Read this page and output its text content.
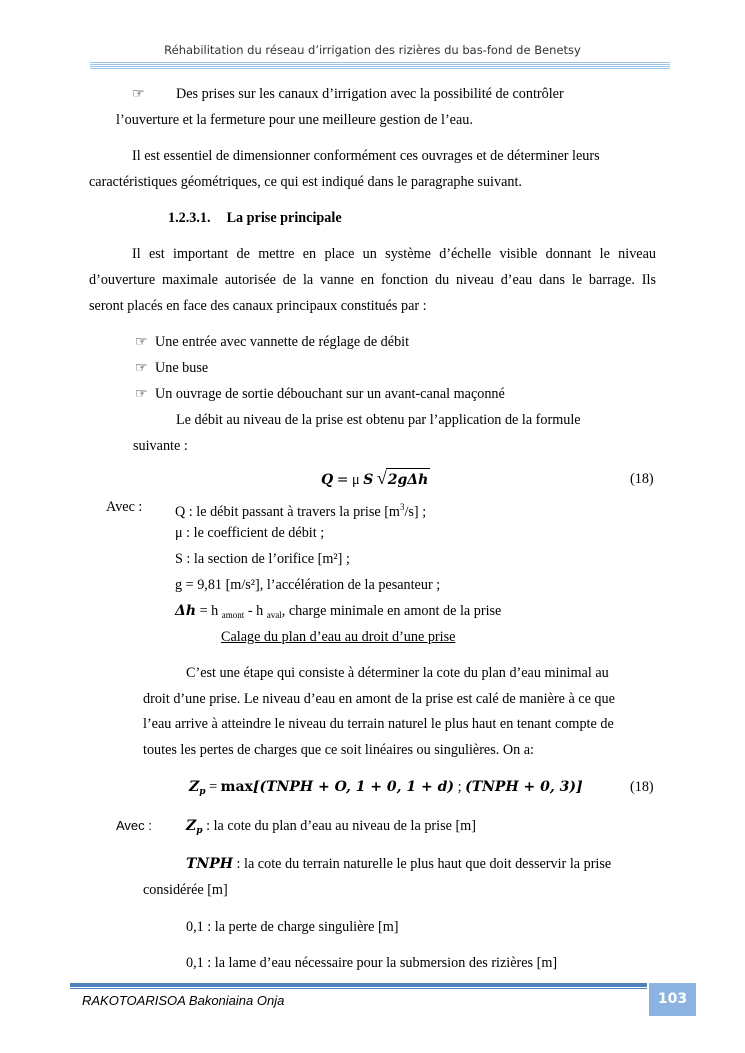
Réhabilitation du réseau d’irrigation des rizières du bas-fond de Benetsy
☞ Des prises sur les canaux d’irrigation avec la possibilité de contrôler
l’ouverture et la fermeture pour une meilleure gestion de l’eau.
Il est essentiel de dimensionner conformément ces ouvrages et de déterminer leurs
caractéristiques géométriques, ce qui est indiqué dans le paragraphe suivant.
1.2.3.1. La prise principale
Il est important de mettre en place un système d’échelle visible donnant le niveau
d’ouverture maximale autorisée de la vanne en fonction du niveau d’eau dans le barrage. Ils
seront placés en face des canaux principaux constitués par :
☞ Une entrée avec vannette de réglage de débit
☞ Une buse
☞ Un ouvrage de sortie débouchant sur un avant-canal maçonné
Le débit au niveau de la prise est obtenu par l’application de la formule
suivante :
Q = μ S √2gΔh	(18)
Avec : Q : le débit passant à travers la prise $[m^3/s]$ ;
μ : le coefficient de débit ;
S : la section de l’orifice [m²] ;
g = 9,81 [m/s²], l’accélération de la pesanteur ;
Δh = h $_{amont}$ - h $_{aval}$, charge minimale en amont de la prise
Calage du plan d’eau au droit d’une prise
C’est une étape qui consiste à déterminer la cote du plan d’eau minimal au
droit d’une prise. Le niveau d’eau en amont de la prise est calé de manière à ce que
l’eau arrive à atteindre le niveau du terrain naturel le plus haut en tenant compte de
toutes les pertes de charges que ce soit linéaires ou singulières. On a:
$Z_p$ = max[(TNPH + O, 1 + 0, 1 + d) ; (TNPH + 0, 3)]	(18)
Avec : $Z_p$ : la cote du plan d’eau au niveau de la prise [m]
TNPH : la cote du terrain naturelle le plus haut que doit desservir la prise
considérée [m]
0,1 : la perte de charge singulière [m]
0,1 : la lame d’eau nécessaire pour la submersion des rizières [m]
RAKOTOARISOA Bakoniaina Onja	103
